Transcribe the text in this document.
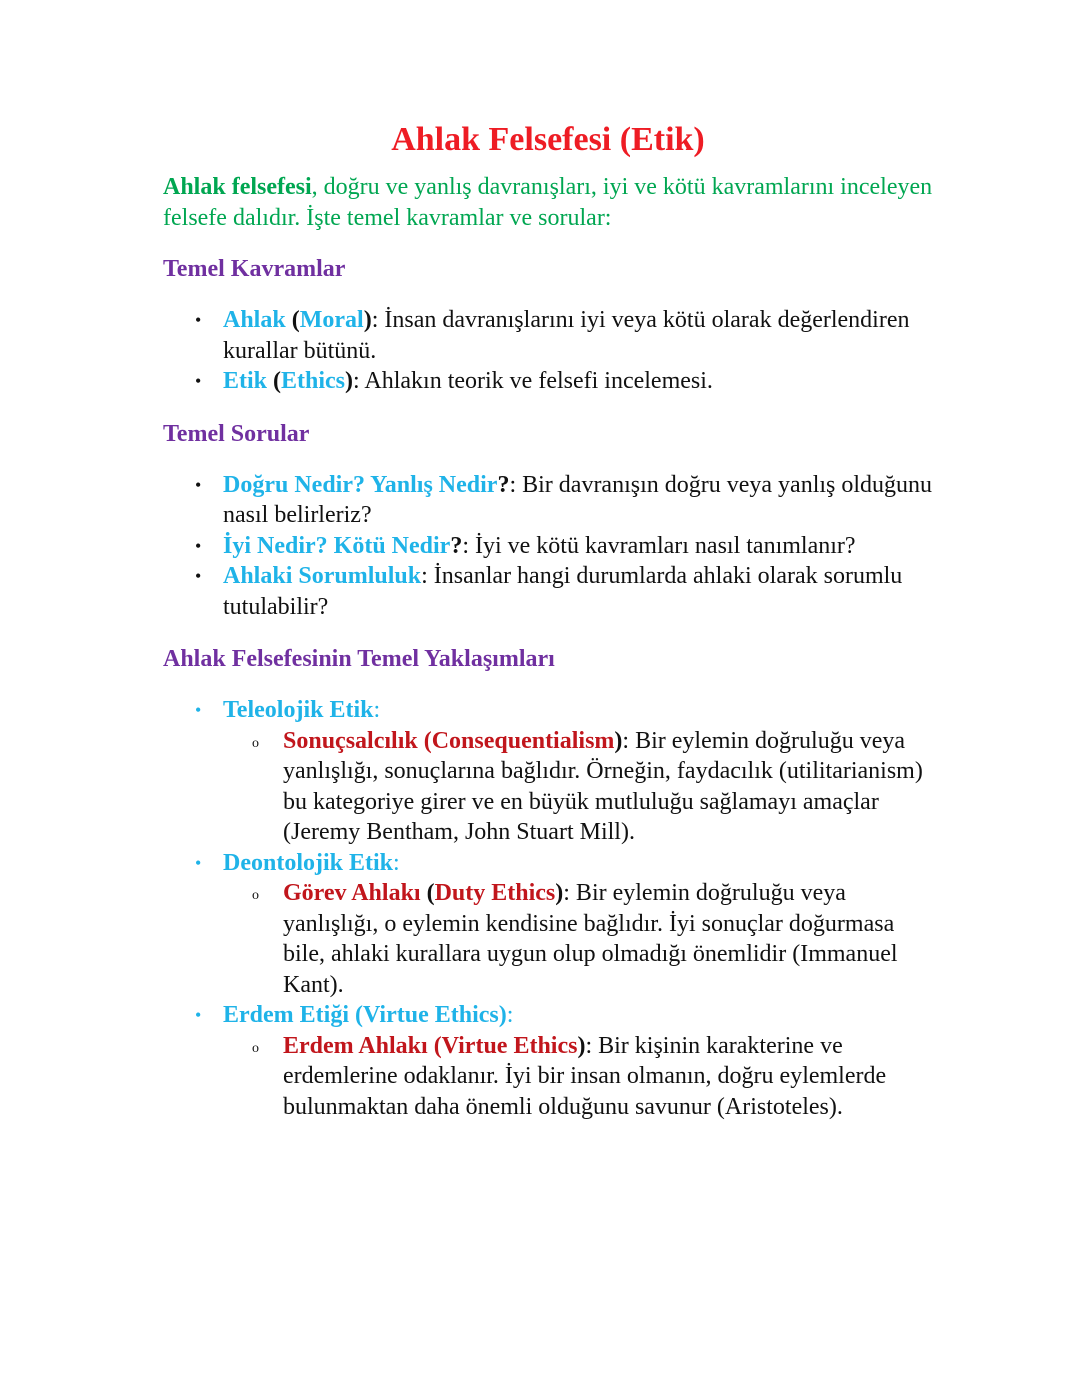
Ahlak Felsefesi (Etik)
Ahlak felsefesi, doğru ve yanlış davranışları, iyi ve kötü kavramlarını inceleyen felsefe dalıdır. İşte temel kavramlar ve sorular:
Temel Kavramlar
• Ahlak (Moral): İnsan davranışlarını iyi veya kötü olarak değerlendiren kurallar bütünü.
• Etik (Ethics): Ahlakın teorik ve felsefi incelemesi.
Temel Sorular
• Doğru Nedir? Yanlış Nedir?: Bir davranışın doğru veya yanlış olduğunu nasıl belirleriz?
• İyi Nedir? Kötü Nedir?: İyi ve kötü kavramları nasıl tanımlanır?
• Ahlaki Sorumluluk: İnsanlar hangi durumlarda ahlaki olarak sorumlu tutulabilir?
Ahlak Felsefesinin Temel Yaklaşımları
• Teleolojik Etik:
o Sonuçsalcılık (Consequentialism): Bir eylemin doğruluğu veya yanlışlığı, sonuçlarına bağlıdır. Örneğin, faydacılık (utilitarianism) bu kategoriye girer ve en büyük mutluluğu sağlamayı amaçlar (Jeremy Bentham, John Stuart Mill).
• Deontolojik Etik:
o Görev Ahlakı (Duty Ethics): Bir eylemin doğruluğu veya yanlışlığı, o eylemin kendisine bağlıdır. İyi sonuçlar doğurmasa bile, ahlaki kurallara uygun olup olmadığı önemlidir (Immanuel Kant).
• Erdem Etiği (Virtue Ethics):
o Erdem Ahlakı (Virtue Ethics): Bir kişinin karakterine ve erdemlerine odaklanır. İyi bir insan olmanın, doğru eylemlerde bulunmaktan daha önemli olduğunu savunur (Aristoteles).
